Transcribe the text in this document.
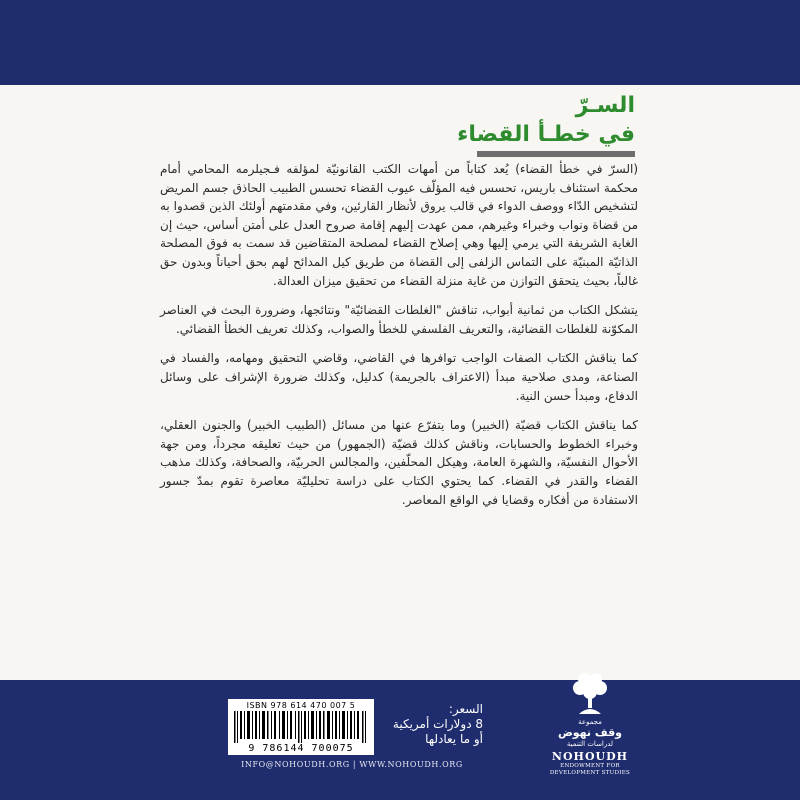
السـرّ
في خطـأ القضاء

(السرّ في خطأ القضاء) يُعد كتاباً من أمهات الكتب القانونيّة لمؤلفه فـجيلرمه المحامي أمام محكمة استئناف باريس، تحسس فيه المؤلّف عيوب القضاء تحسس الطبيب الحاذق جسم المريض لتشخيص الدّاء ووصف الدواء في قالب يروق لأنظار القارئين، وفي مقدمتهم أولئك الذين قصدوا به من قضاة ونواب وخبراء وغيرهم، ممن عهدت إليهم إقامة صروح العدل على أمتن أساس، حيث إن الغاية الشريفة التي يرمي إليها وهي إصلاح القضاء لمصلحة المتقاضين قد سمت به فوق المصلحة الذاتيّة المبنيّة على التماس الزلفى إلى القضاة من طريق كيل المدائح لهم بحق أحياناً وبدون حق غالباً، بحيث يتحقق التوازن من غاية منزلة القضاء من تحقيق ميزان العدالة.

يتشكل الكتاب من ثمانية أبواب، تناقش "الغلطات القضائيّة" ونتائجها، وضرورة البحث في العناصر المكوّنة للغلطات القضائية، والتعريف الفلسفي للخطأ والصواب، وكذلك تعريف الخطأ القضائي.

كما يناقش الكتاب الصفات الواجب توافرها في القاضي، وقاضي التحقيق ومهامه، والفساد في الصناعة، ومدى صلاحية مبدأ (الاعتراف بالجريمة) كدليل، وكذلك ضرورة الإشراف على وسائل الدفاع، ومبدأ حسن النية.

كما يناقش الكتاب قضيّة (الخبير) وما يتفرّع عنها من مسائل (الطبيب الخبير) والجنون العقلي، وخبراء الخطوط والحسابات، وناقش كذلك قضيّة (الجمهور) من حيث تعليقه مجرداً، ومن جهة الأحوال النفسيّة، والشهرة العامة، وهيكل المحلّفين، والمجالس الحربيّة، والصحافة، وكذلك مذهب القضاء والقدر في القضاء. كما يحتوي الكتاب على دراسة تحليليّة معاصرة تقوم بمدّ جسور الاستفادة من أفكاره وقضايا في الواقع المعاصر.

ISBN 978 614 470 007 5
9 786144 700075
السعر:
8 دولارات أمريكية
أو ما يعادلها
INFO@NOHOUDH.ORG | WWW.NOHOUDH.ORG
مجموعة
وقف نهوض
لدراسات التنمية
NOHOUDH
ENDOWMENT FOR
DEVELOPMENT STUDIES
